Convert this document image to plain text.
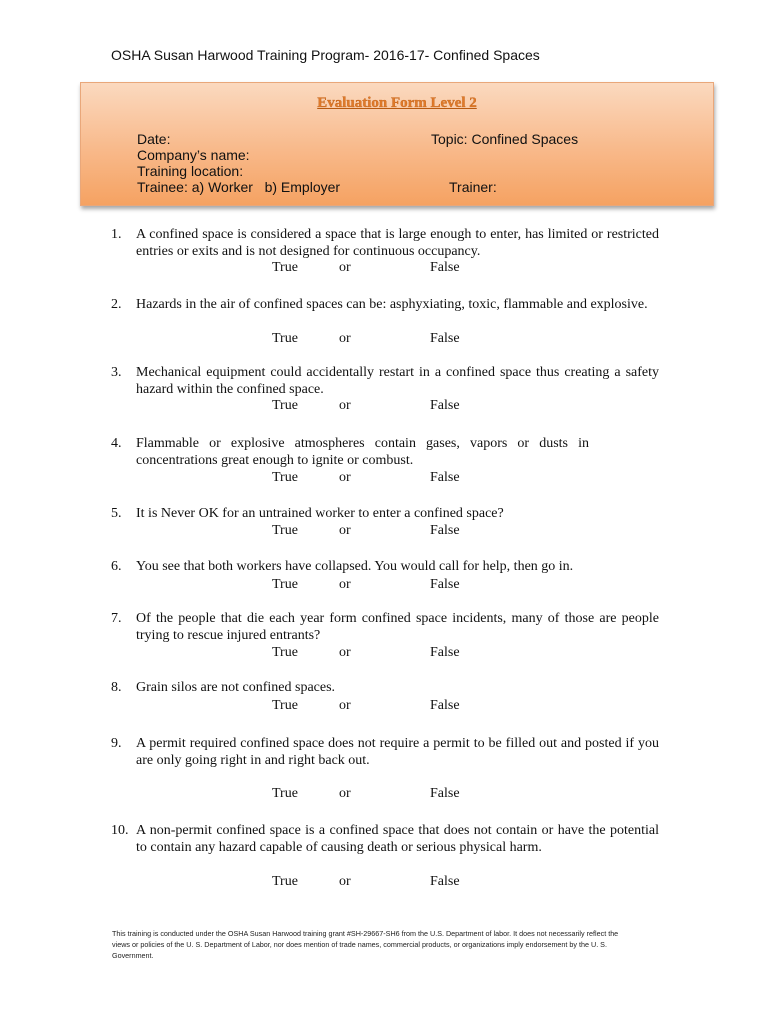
OSHA Susan Harwood Training Program- 2016-17- Confined Spaces
Evaluation Form Level 2
Date:	Topic: Confined Spaces
Company’s name:
Training location:
Trainee: a) Worker   b) Employer	Trainer:
1.	A confined space is considered a space that is large enough to enter, has limited or restricted entries or exits and is not designed for continuous occupancy.
True	or	False
2.	Hazards in the air of confined spaces can be: asphyxiating, toxic, flammable and explosive.
True	or	False
3.	Mechanical equipment could accidentally restart in a confined space thus creating a safety hazard within the confined space.
True	or	False
4.	Flammable or explosive atmospheres contain gases, vapors or dusts in concentrations great enough to ignite or combust.
True	or	False
5.	It is Never OK for an untrained worker to enter a confined space?
True	or	False
6.	You see that both workers have collapsed. You would call for help, then go in.
True	or	False
7.	Of the people that die each year form confined space incidents, many of those are people trying to rescue injured entrants?
True	or	False
8.	Grain silos are not confined spaces.
True	or	False
9.	A permit required confined space does not require a permit to be filled out and posted if you are only going right in and right back out.
True	or	False
10. A non-permit confined space is a confined space that does not contain or have the potential to contain any hazard capable of causing death or serious physical harm.
True	or	False
This training is conducted under the OSHA Susan Harwood training grant #SH-29667-SH6 from the U.S. Department of labor. It does not necessarily reflect the views or policies of the U. S. Department of Labor, nor does mention of trade names, commercial products, or organizations imply endorsement by the U. S. Government.
